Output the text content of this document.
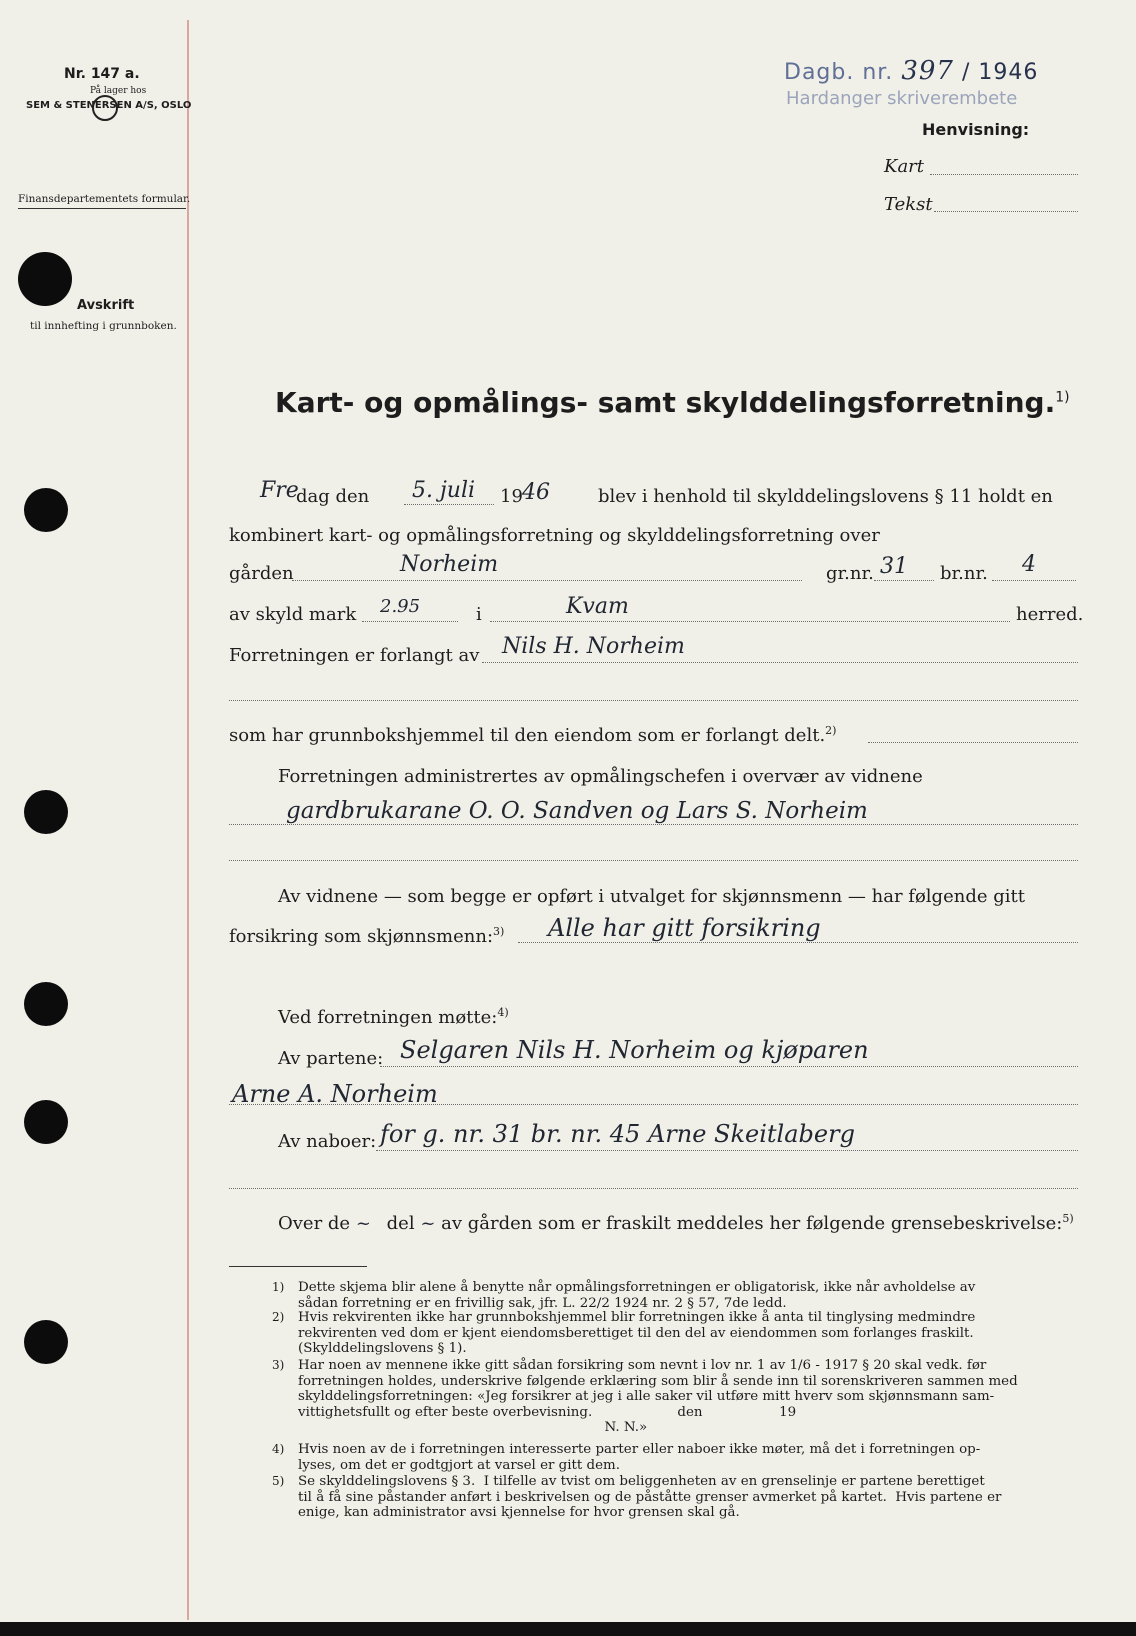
Nr. 147 a.
På lager hos
SEM & STENERSEN A/S, OSLO
Finansdepartementets formular.
Avskrift
til innhefting i grunnboken.
Dagb. nr. 397 / 1946
Hardanger skriverembete
Henvisning:
Kart
Tekst
Kart- og opmålings- samt skylddelingsforretning.$^{1)}$
Fre
dag den 5. juli 19 46	blev i henhold til skylddelingslovens § 11 holdt en
kombinert kart- og opmålingsforretning og skylddelingsforretning over
gården	Norheim	gr.nr. 31 br.nr. 4
av skyld mark 2.95	i	Kvam	herred.
Forretningen er forlangt av Nils H. Norheim
som har grunnbokshjemmel til den eiendom som er forlangt delt.$^{2)}$
Forretningen administrertes av opmålingschefen i overvær av vidnene
gardbrukarane O. O. Sandven og Lars S. Norheim
Av vidnene — som begge er opført i utvalget for skjønnsmenn — har følgende gitt
forsikring som skjønnsmenn:$^{3)}$ Alle har gitt forsikring
Ved forretningen møtte:$^{4)}$
Av partene: Selgaren Nils H. Norheim og kjøparen
Arne A. Norheim
Av naboer: for g. nr. 31 br. nr. 45 Arne Skeitlaberg
Over de ~ del ~ av gården som er fraskilt meddeles her følgende grensebeskrivelse:$^{5)}$
1) Dette skjema blir alene å benytte når opmålingsforretningen er obligatorisk, ikke når avholdelse av
sådan forretning er en frivillig sak, jfr. L. 22/2 1924 nr. 2 § 57, 7de ledd.
2) Hvis rekvirenten ikke har grunnbokshjemmel blir forretningen ikke å anta til tinglysing medmindre
rekvirenten ved dom er kjent eiendomsberettiget til den del av eiendommen som forlanges fraskilt.
(Skylddelingslovens § 1).
3) Har noen av mennene ikke gitt sådan forsikring som nevnt i lov nr. 1 av 1/6 - 1917 § 20 skal vedk. før
forretningen holdes, underskrive følgende erklæring som blir å sende inn til sorenskriveren sammen med
skylddelingsforretningen: «Jeg forsikrer at jeg i alle saker vil utføre mitt hverv som skjønnsmann sam-
vittighetsfullt og efter beste overbevisning.                    den                  19
N. N.»
4) Hvis noen av de i forretningen interesserte parter eller naboer ikke møter, må det i forretningen op-
lyses, om det er godtgjort at varsel er gitt dem.
5) Se skylddelingslovens § 3.  I tilfelle av tvist om beliggenheten av en grenselinje er partene berettiget
til å få sine påstander anført i beskrivelsen og de påståtte grenser avmerket på kartet.  Hvis partene er
enige, kan administrator avsi kjennelse for hvor grensen skal gå.
